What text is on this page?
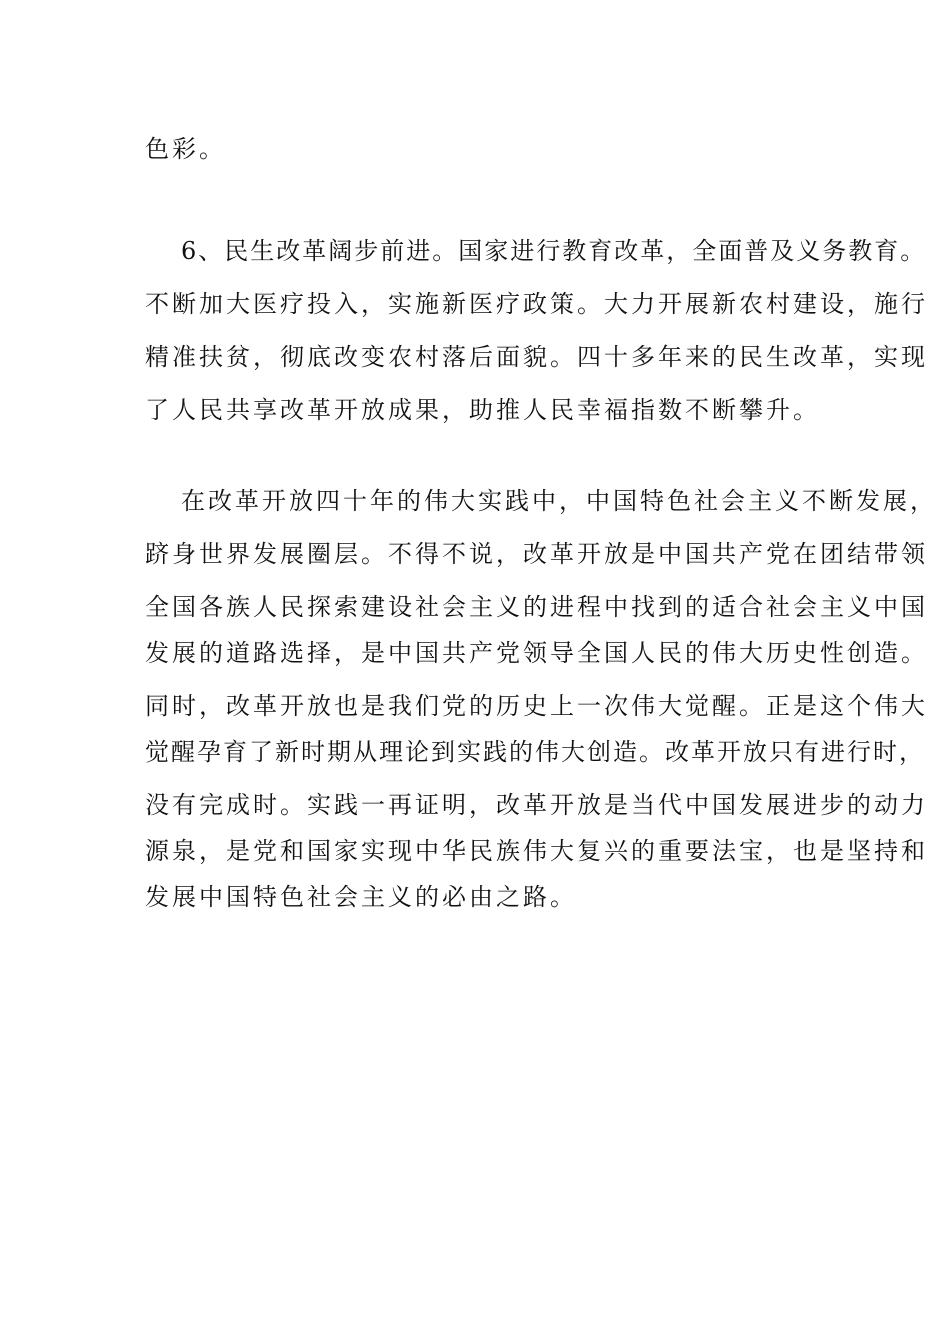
色彩。
6、民生改革阔步前进。国家进行教育改革，全面普及义务教育。
不断加大医疗投入，实施新医疗政策。大力开展新农村建设，施行
精准扶贫，彻底改变农村落后面貌。四十多年来的民生改革，实现
了人民共享改革开放成果，助推人民幸福指数不断攀升。
在改革开放四十年的伟大实践中，中国特色社会主义不断发展，
跻身世界发展圈层。不得不说，改革开放是中国共产党在团结带领
全国各族人民探索建设社会主义的进程中找到的适合社会主义中国
发展的道路选择，是中国共产党领导全国人民的伟大历史性创造。
同时，改革开放也是我们党的历史上一次伟大觉醒。正是这个伟大
觉醒孕育了新时期从理论到实践的伟大创造。改革开放只有进行时，
没有完成时。实践一再证明，改革开放是当代中国发展进步的动力
源泉，是党和国家实现中华民族伟大复兴的重要法宝，也是坚持和
发展中国特色社会主义的必由之路。
